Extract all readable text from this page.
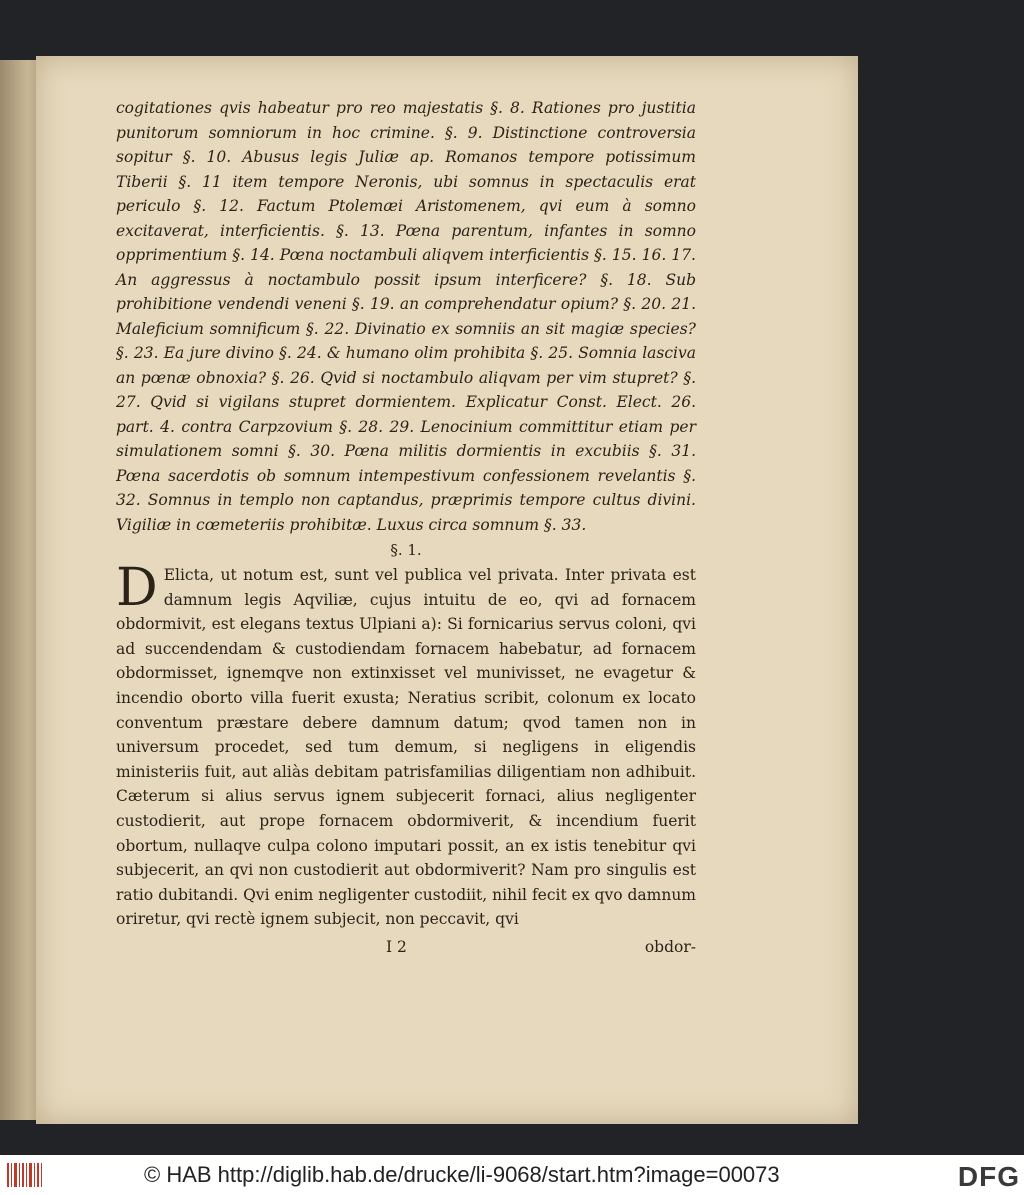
cogitationes qvis habeatur pro reo majestatis §. 8. Rationes pro justitia punitorum somniorum in hoc crimine. §. 9. Distinctione controversia sopitur §. 10. Abusus legis Juliæ ap. Romanos tempore potissimum Tiberii §. 11 item tempore Neronis, ubi somnus in spectaculis erat periculo §. 12. Factum Ptolemæi Aristomenem, qvi eum à somno excitaverat, interficientis. §. 13. Pœna parentum, infantes in somno opprimentium §. 14. Pœna noctambuli aliqvem interficientis §. 15. 16. 17. An aggressus à noctambulo possit ipsum interficere? §. 18. Sub prohibitione vendendi veneni §. 19. an comprehendatur opium? §. 20. 21. Maleficium somnificum §. 22. Divinatio ex somniis an sit magiæ species? §. 23. Ea jure divino §. 24. & humano olim prohibita §. 25. Somnia lasciva an pœnæ obnoxia? §. 26. Qvid si noctambulo aliqvam per vim stupret? §. 27. Qvid si vigilans stupret dormientem. Explicatur Const. Elect. 26. part. 4. contra Carpzovium §. 28. 29. Lenocinium committitur etiam per simulationem somni §. 30. Pœna militis dormientis in excubiis §. 31. Pœna sacerdotis ob somnum intempestivum confessionem revelantis §. 32. Somnus in templo non captandus, præprimis tempore cultus divini. Vigiliæ in cœmeteriis prohibitæ. Luxus circa somnum §. 33.
§. 1.
D Elicta, ut notum est, sunt vel publica vel privata. Inter privata est damnum legis Aqviliæ, cujus intuitu de eo, qvi ad fornacem obdormivit, est elegans textus Ulpiani a): Si fornicarius servus coloni, qvi ad succendendam & custodiendam fornacem habebatur, ad fornacem obdormisset, ignemqve non extinxisset vel munivisset, ne evagetur & incendio oborto villa fuerit exusta; Neratius scribit, colonum ex locato conventum præstare debere damnum datum; qvod tamen non in universum procedet, sed tum demum, si negligens in eligendis ministeriis fuit, aut aliàs debitam patrisfamilias diligentiam non adhibuit. Cæterum si alius servus ignem subjecerit fornaci, alius negligenter custodierit, aut prope fornacem obdormiverit, & incendium fuerit obortum, nullaqve culpa colono imputari possit, an ex istis tenebitur qvi subjecerit, an qvi non custodierit aut obdormiverit? Nam pro singulis est ratio dubitandi. Qvi enim negligenter custodiit, nihil fecit ex qvo damnum oriretur, qvi rectè ignem subjecit, non peccavit, qvi
I 2	obdor-
© HAB http://diglib.hab.de/drucke/li-9068/start.htm?image=00073	DFG
